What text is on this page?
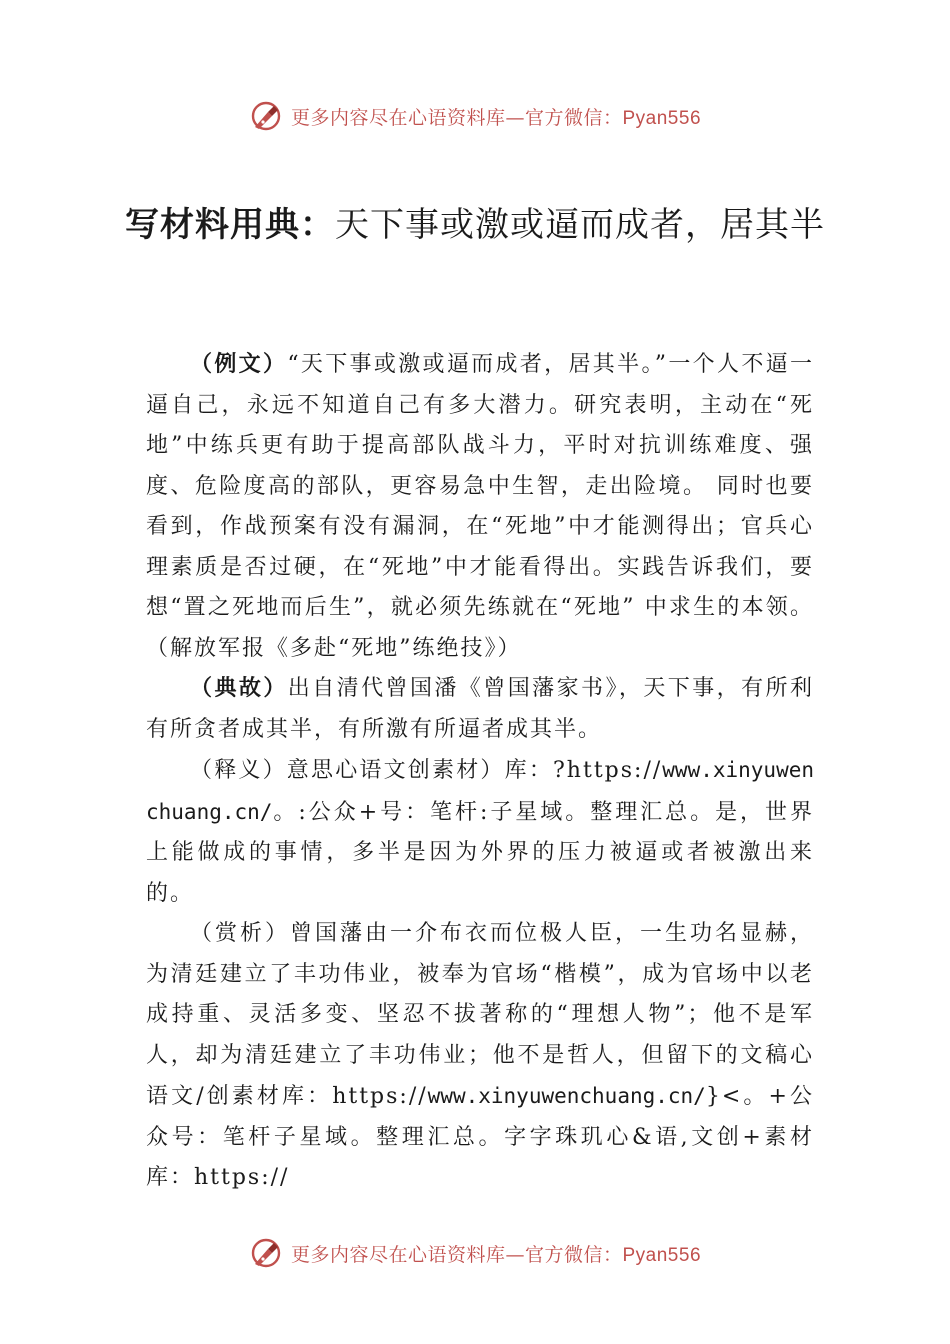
更多内容尽在心语资料库—官方微信：Pyan556
写材料用典：天下事或激或逼而成者，居其半

（例文）“天下事或激或逼而成者，居其半。”一个人不逼一逼自己，永远不知道自己有多大潜力。研究表明，主动在“死地”中练兵更有助于提高部队战斗力，平时对抗训练难度、强度、危险度高的部队，更容易急中生智，走出险境。 同时也要看到，作战预案有没有漏洞，在“死地”中才能测得出；官兵心理素质是否过硬，在“死地”中才能看得出。实践告诉我们，要想“置之死地而后生”，就必须先练就在“死地” 中求生的本领。（解放军报《多赴“死地”练绝技》）

（典故）出自清代曾国潘《曾国藩家书》，天下事，有所利有所贪者成其半，有所激有所逼者成其半。

（释义）意思心语文创素材）库：?https://www.xinyuwenchuang.cn/。:公众+号：笔杆:子星域。整理汇总。是，世界上能做成的事情，多半是因为外界的压力被逼或者被激出来的。

（赏析）曾国藩由一介布衣而位极人臣，一生功名显赫， 为清廷建立了丰功伟业，被奉为官场“楷模”，成为官场中以老成持重、灵活多变、坚忍不拔著称的“理想人物”；他不是军人，却为清廷建立了丰功伟业；他不是哲人，但留下的文稿心语文/创素材库：https://www.xinyuwenchuang.cn/}<。+公众号：笔杆子星域。整理汇总。字字珠玑心&语,文创+素材库：https://

更多内容尽在心语资料库—官方微信：Pyan556
